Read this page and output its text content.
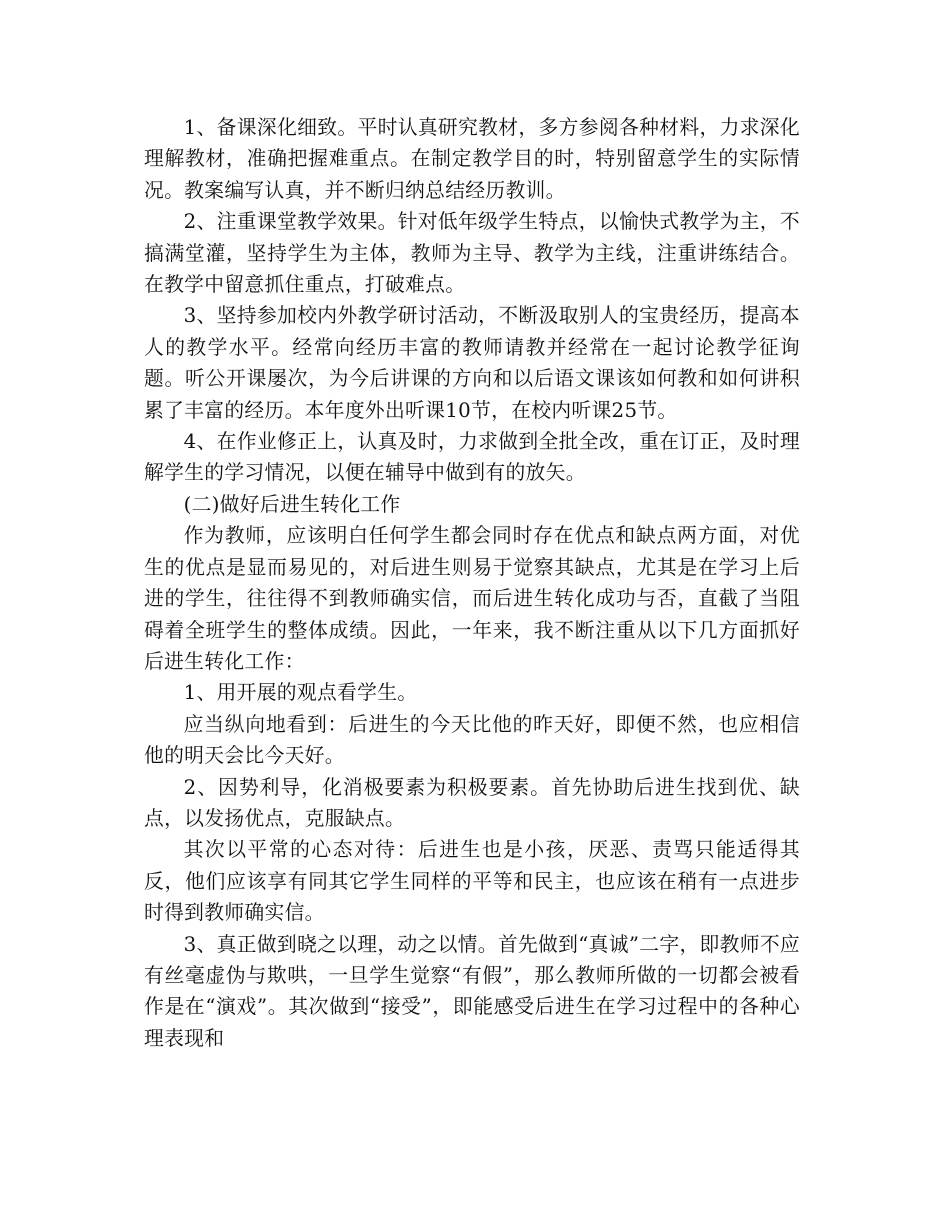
1、备课深化细致。平时认真研究教材，多方参阅各种材料，力求深化理解教材，准确把握难重点。在制定教学目的时，特别留意学生的实际情况。教案编写认真，并不断归纳总结经历教训。

2、注重课堂教学效果。针对低年级学生特点，以愉快式教学为主，不搞满堂灌，坚持学生为主体，教师为主导、教学为主线，注重讲练结合。在教学中留意抓住重点，打破难点。

3、坚持参加校内外教学研讨活动，不断汲取别人的宝贵经历，提高本人的教学水平。经常向经历丰富的教师请教并经常在一起讨论教学征询题。听公开课屡次，为今后讲课的方向和以后语文课该如何教和如何讲积累了丰富的经历。本年度外出听课10节，在校内听课25节。

4、在作业修正上，认真及时，力求做到全批全改，重在订正，及时理解学生的学习情况，以便在辅导中做到有的放矢。

(二)做好后进生转化工作

作为教师，应该明白任何学生都会同时存在优点和缺点两方面，对优生的优点是显而易见的，对后进生则易于觉察其缺点，尤其是在学习上后进的学生，往往得不到教师确实信，而后进生转化成功与否，直截了当阻碍着全班学生的整体成绩。因此，一年来，我不断注重从以下几方面抓好后进生转化工作：

1、用开展的观点看学生。

应当纵向地看到：后进生的今天比他的昨天好，即便不然，也应相信他的明天会比今天好。

2、因势利导，化消极要素为积极要素。首先协助后进生找到优、缺点，以发扬优点，克服缺点。

其次以平常的心态对待：后进生也是小孩，厌恶、责骂只能适得其反，他们应该享有同其它学生同样的平等和民主，也应该在稍有一点进步时得到教师确实信。

3、真正做到晓之以理，动之以情。首先做到“真诚”二字，即教师不应有丝毫虚伪与欺哄，一旦学生觉察“有假”，那么教师所做的一切都会被看作是在“演戏”。其次做到“接受”，即能感受后进生在学习过程中的各种心理表现和
